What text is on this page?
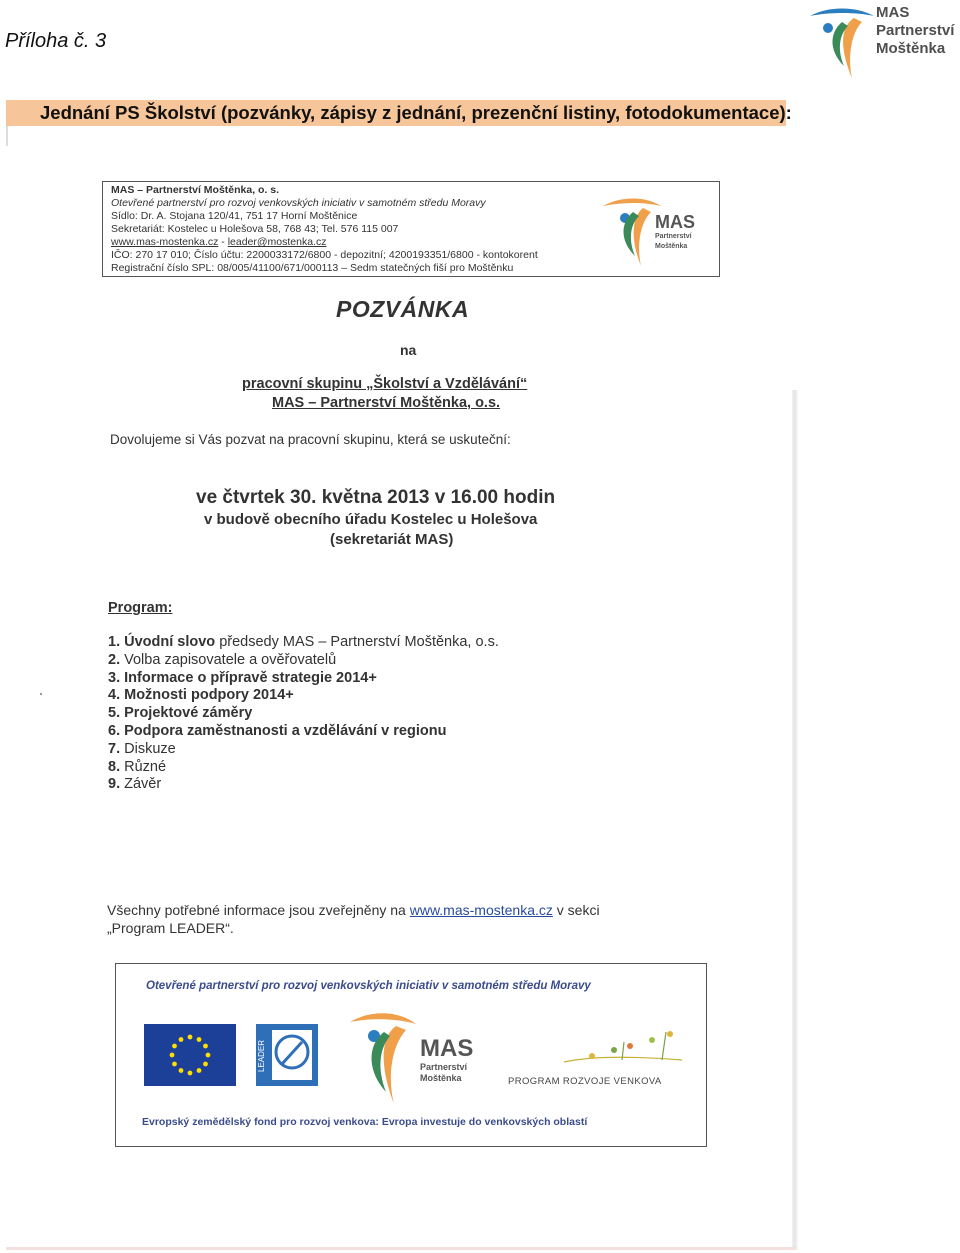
Příloha č. 3
MAS
Partnerství
Moštěnka
Jednání PS Školství (pozvánky, zápisy z jednání, prezenční listiny, fotodokumentace):
MAS – Partnerství Moštěnka, o. s.
Otevřené partnerství pro rozvoj venkovských iniciativ v samotném středu Moravy
Sídlo: Dr. A. Stojana 120/41, 751 17 Horní Moštěnice
Sekretariát: Kostelec u Holešova 58, 768 43; Tel. 576 115 007
www.mas-mostenka.cz - leader@mostenka.cz
IČO: 270 17 010; Číslo účtu: 2200033172/6800 - depozitní; 4200193351/6800 - kontokorent
Registrační číslo SPL: 08/005/41100/671/000113 – Sedm statečných fiší pro Moštěnku
MAS
Partnerství
Moštěnka
POZVÁNKA
na
pracovní skupinu „Školství a Vzdělávání“
MAS – Partnerství Moštěnka, o.s.
Dovolujeme si Vás pozvat na pracovní skupinu, která se uskuteční:
ve čtvrtek 30. května 2013 v 16.00 hodin
v budově obecního úřadu Kostelec u Holešova
(sekretariát MAS)
Program:
1. Úvodní slovo předsedy MAS – Partnerství Moštěnka, o.s.
2. Volba zapisovatele a ověřovatelů
3. Informace o přípravě strategie 2014+
4. Možnosti podpory 2014+
5. Projektové záměry
6. Podpora zaměstnanosti a vzdělávání v regionu
7. Diskuze
8. Různé
9. Závěr
Všechny potřebné informace jsou zveřejněny na www.mas-mostenka.cz v sekci
„Program LEADER“.
Otevřené partnerství pro rozvoj venkovských iniciativ v samotném středu Moravy
LEADER	MAS
Partnerství
Moštěnka	PROGRAM ROZVOJE VENKOVA
Evropský zemědělský fond pro rozvoj venkova: Evropa investuje do venkovských oblastí
